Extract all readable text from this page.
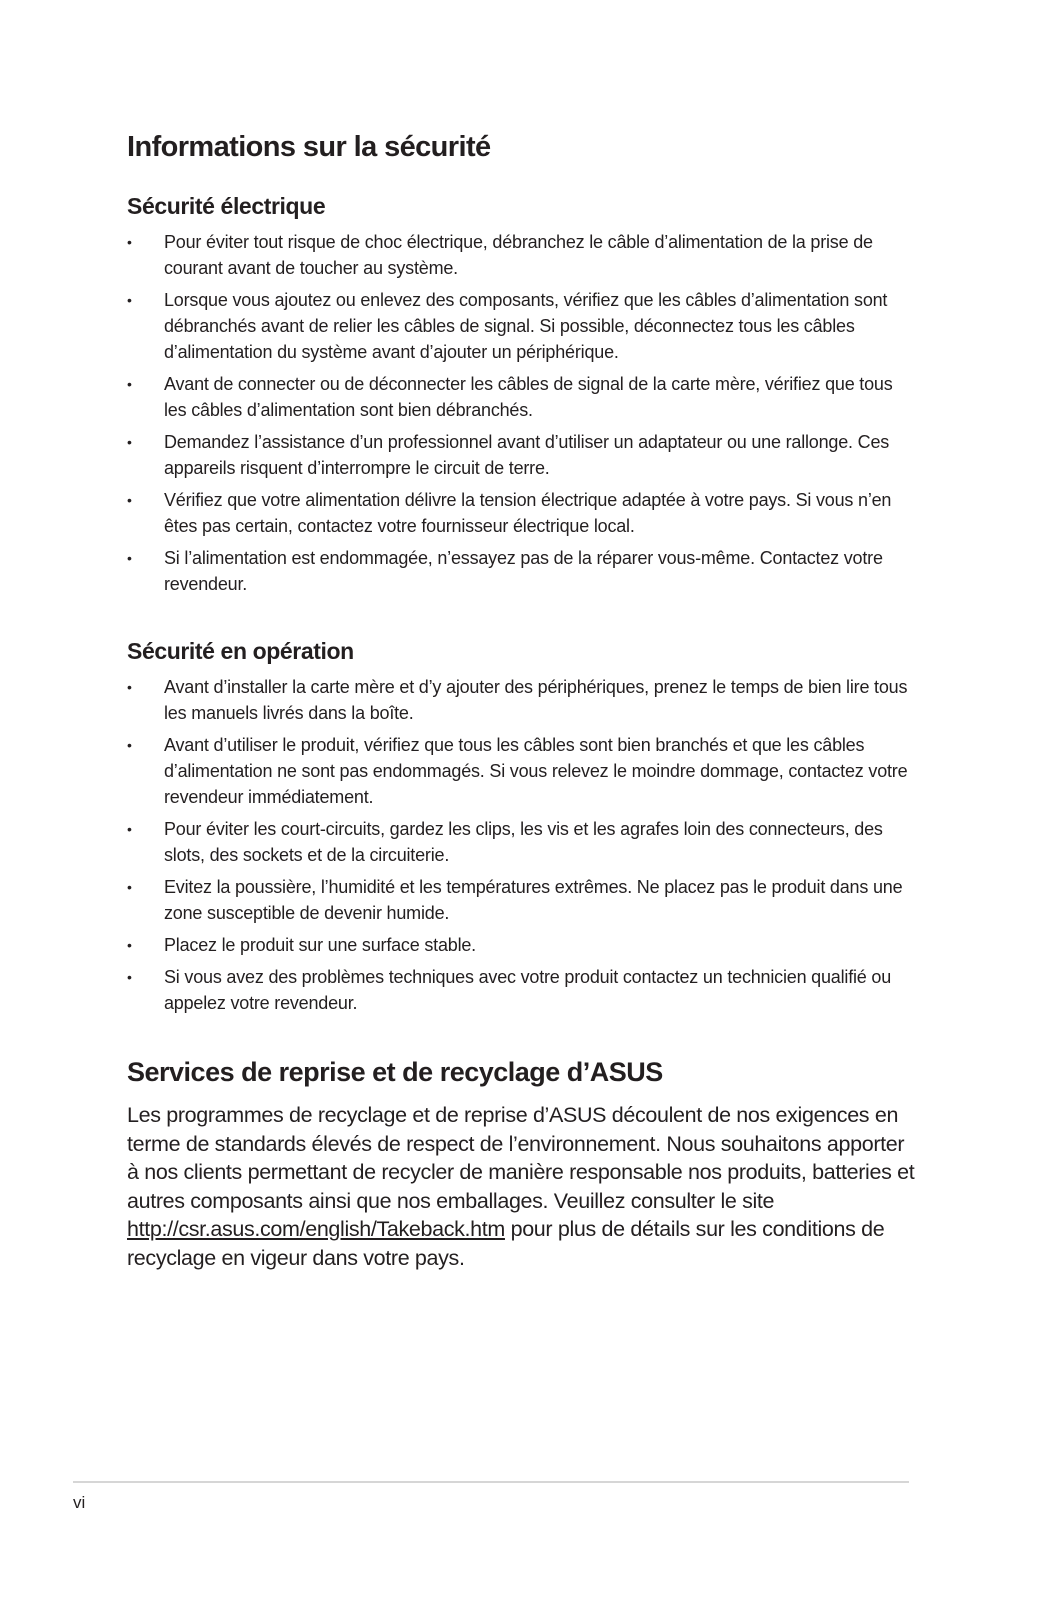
Informations sur la sécurité
Sécurité électrique
• Pour éviter tout risque de choc électrique, débranchez le câble d’alimentation de la prise de courant avant de toucher au système.
• Lorsque vous ajoutez ou enlevez des composants, vérifiez que les câbles d’alimentation sont débranchés avant de relier les câbles de signal. Si possible, déconnectez tous les câbles d’alimentation du système avant d’ajouter un périphérique.
• Avant de connecter ou de déconnecter les câbles de signal de la carte mère, vérifiez que tous les câbles d’alimentation sont bien débranchés.
• Demandez l’assistance d’un professionnel avant d’utiliser un adaptateur ou une rallonge. Ces appareils risquent d’interrompre le circuit de terre.
• Vérifiez que votre alimentation délivre la tension électrique adaptée à votre pays. Si vous n’en êtes pas certain, contactez votre fournisseur électrique local.
• Si l’alimentation est endommagée, n’essayez pas de la réparer vous-même. Contactez votre revendeur.
Sécurité en opération
• Avant d’installer la carte mère et d’y ajouter des périphériques, prenez le temps de bien lire tous les manuels livrés dans la boîte.
• Avant d’utiliser le produit, vérifiez que tous les câbles sont bien branchés et que les câbles d’alimentation ne sont pas endommagés. Si vous relevez le moindre dommage, contactez votre revendeur immédiatement.
• Pour éviter les court-circuits, gardez les clips, les vis et les agrafes loin des connecteurs, des slots, des sockets et de la circuiterie.
• Evitez la poussière, l’humidité et les températures extrêmes. Ne placez pas le produit dans une zone susceptible de devenir humide.
• Placez le produit sur une surface stable.
• Si vous avez des problèmes techniques avec votre produit contactez un technicien qualifié ou appelez votre revendeur.
Services de reprise et de recyclage d’ASUS

Les programmes de recyclage et de reprise d’ASUS découlent de nos exigences en terme de standards élevés de respect de l’environnement. Nous souhaitons apporter à nos clients permettant de recycler de manière responsable nos produits, batteries et autres composants ainsi que nos emballages. Veuillez consulter le site http://csr.asus.com/english/Takeback.htm pour plus de détails sur les conditions de recyclage en vigeur dans votre pays.

vi
